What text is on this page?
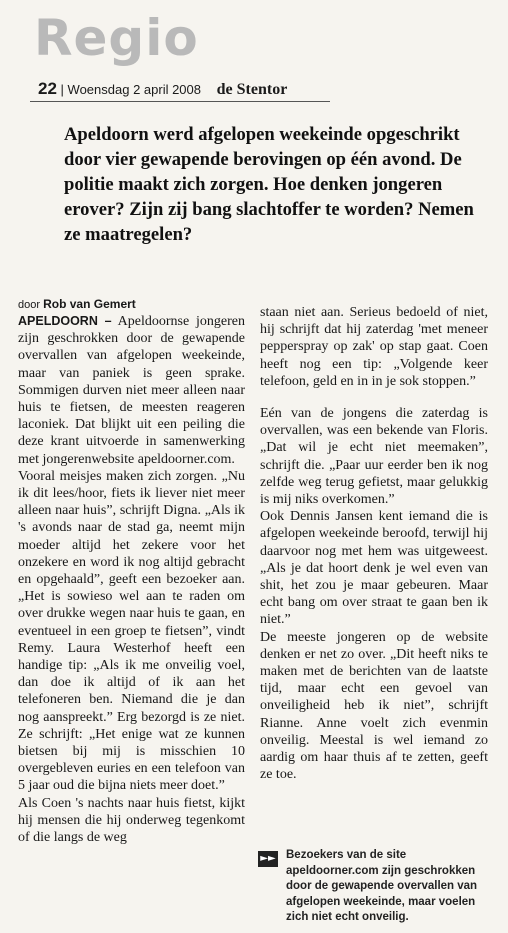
Regio
22 | Woensdag 2 april 2008 de Stentor
Apeldoorn werd afgelopen weekeinde opgeschrikt door vier gewapende berovingen op één avond. De politie maakt zich zorgen. Hoe denken jongeren erover? Zijn zij bang slachtoffer te worden? Nemen ze maatregelen?
door Rob van Gemert

APELDOORN – Apeldoornse jongeren zijn geschrokken door de gewapende overvallen van afgelopen weekeinde, maar van paniek is geen sprake. Sommigen durven niet meer alleen naar huis te fietsen, de meesten reageren laconiek. Dat blijkt uit een peiling die deze krant uitvoerde in samenwerking met jongerenwebsite apeldoorner.com.

Vooral meisjes maken zich zorgen. „Nu ik dit lees/hoor, fiets ik liever niet meer alleen naar huis”, schrijft Digna. „Als ik 's avonds naar de stad ga, neemt mijn moeder altijd het zekere voor het onzekere en word ik nog altijd gebracht en opgehaald”, geeft een bezoeker aan. „Het is sowieso wel aan te raden om over drukke wegen naar huis te gaan, en eventueel in een groep te fietsen”, vindt Remy. Laura Westerhof heeft een handige tip: „Als ik me onveilig voel, dan doe ik altijd of ik aan het telefoneren ben. Niemand die je dan nog aanspreekt.” Erg bezorgd is ze niet. Ze schrijft: „Het enige wat ze kunnen bietsen bij mij is misschien 10 overgebleven euries en een telefoon van 5 jaar oud die bijna niets meer doet.”

Als Coen 's nachts naar huis fietst, kijkt hij mensen die hij onderweg tegenkomt of die langs de weg

staan niet aan. Serieus bedoeld of niet, hij schrijft dat hij zaterdag 'met meneer pepperspray op zak' op stap gaat. Coen heeft nog een tip: „Volgende keer telefoon, geld en in in je sok stoppen.”

Eén van de jongens die zaterdag is overvallen, was een bekende van Floris. „Dat wil je echt niet meemaken”, schrijft die. „Paar uur eerder ben ik nog zelfde weg terug gefietst, maar gelukkig is mij niks overkomen.”

Ook Dennis Jansen kent iemand die is afgelopen weekeinde beroofd, terwijl hij daarvoor nog met hem was uitgeweest. „Als je dat hoort denk je wel even van shit, het zou je maar gebeuren. Maar echt bang om over straat te gaan ben ik niet.”

De meeste jongeren op de website denken er net zo over. „Dit heeft niks te maken met de berichten van de laatste tijd, maar echt een gevoel van onveiligheid heb ik niet”, schrijft Rianne. Anne voelt zich evenmin onveilig. Meestal is wel iemand zo aardig om haar thuis af te zetten, geeft ze toe.

►► Bezoekers van de site apeldoorner.com zijn geschrokken door de gewapende overvallen van afgelopen weekeinde, maar voelen zich niet echt onveilig.
